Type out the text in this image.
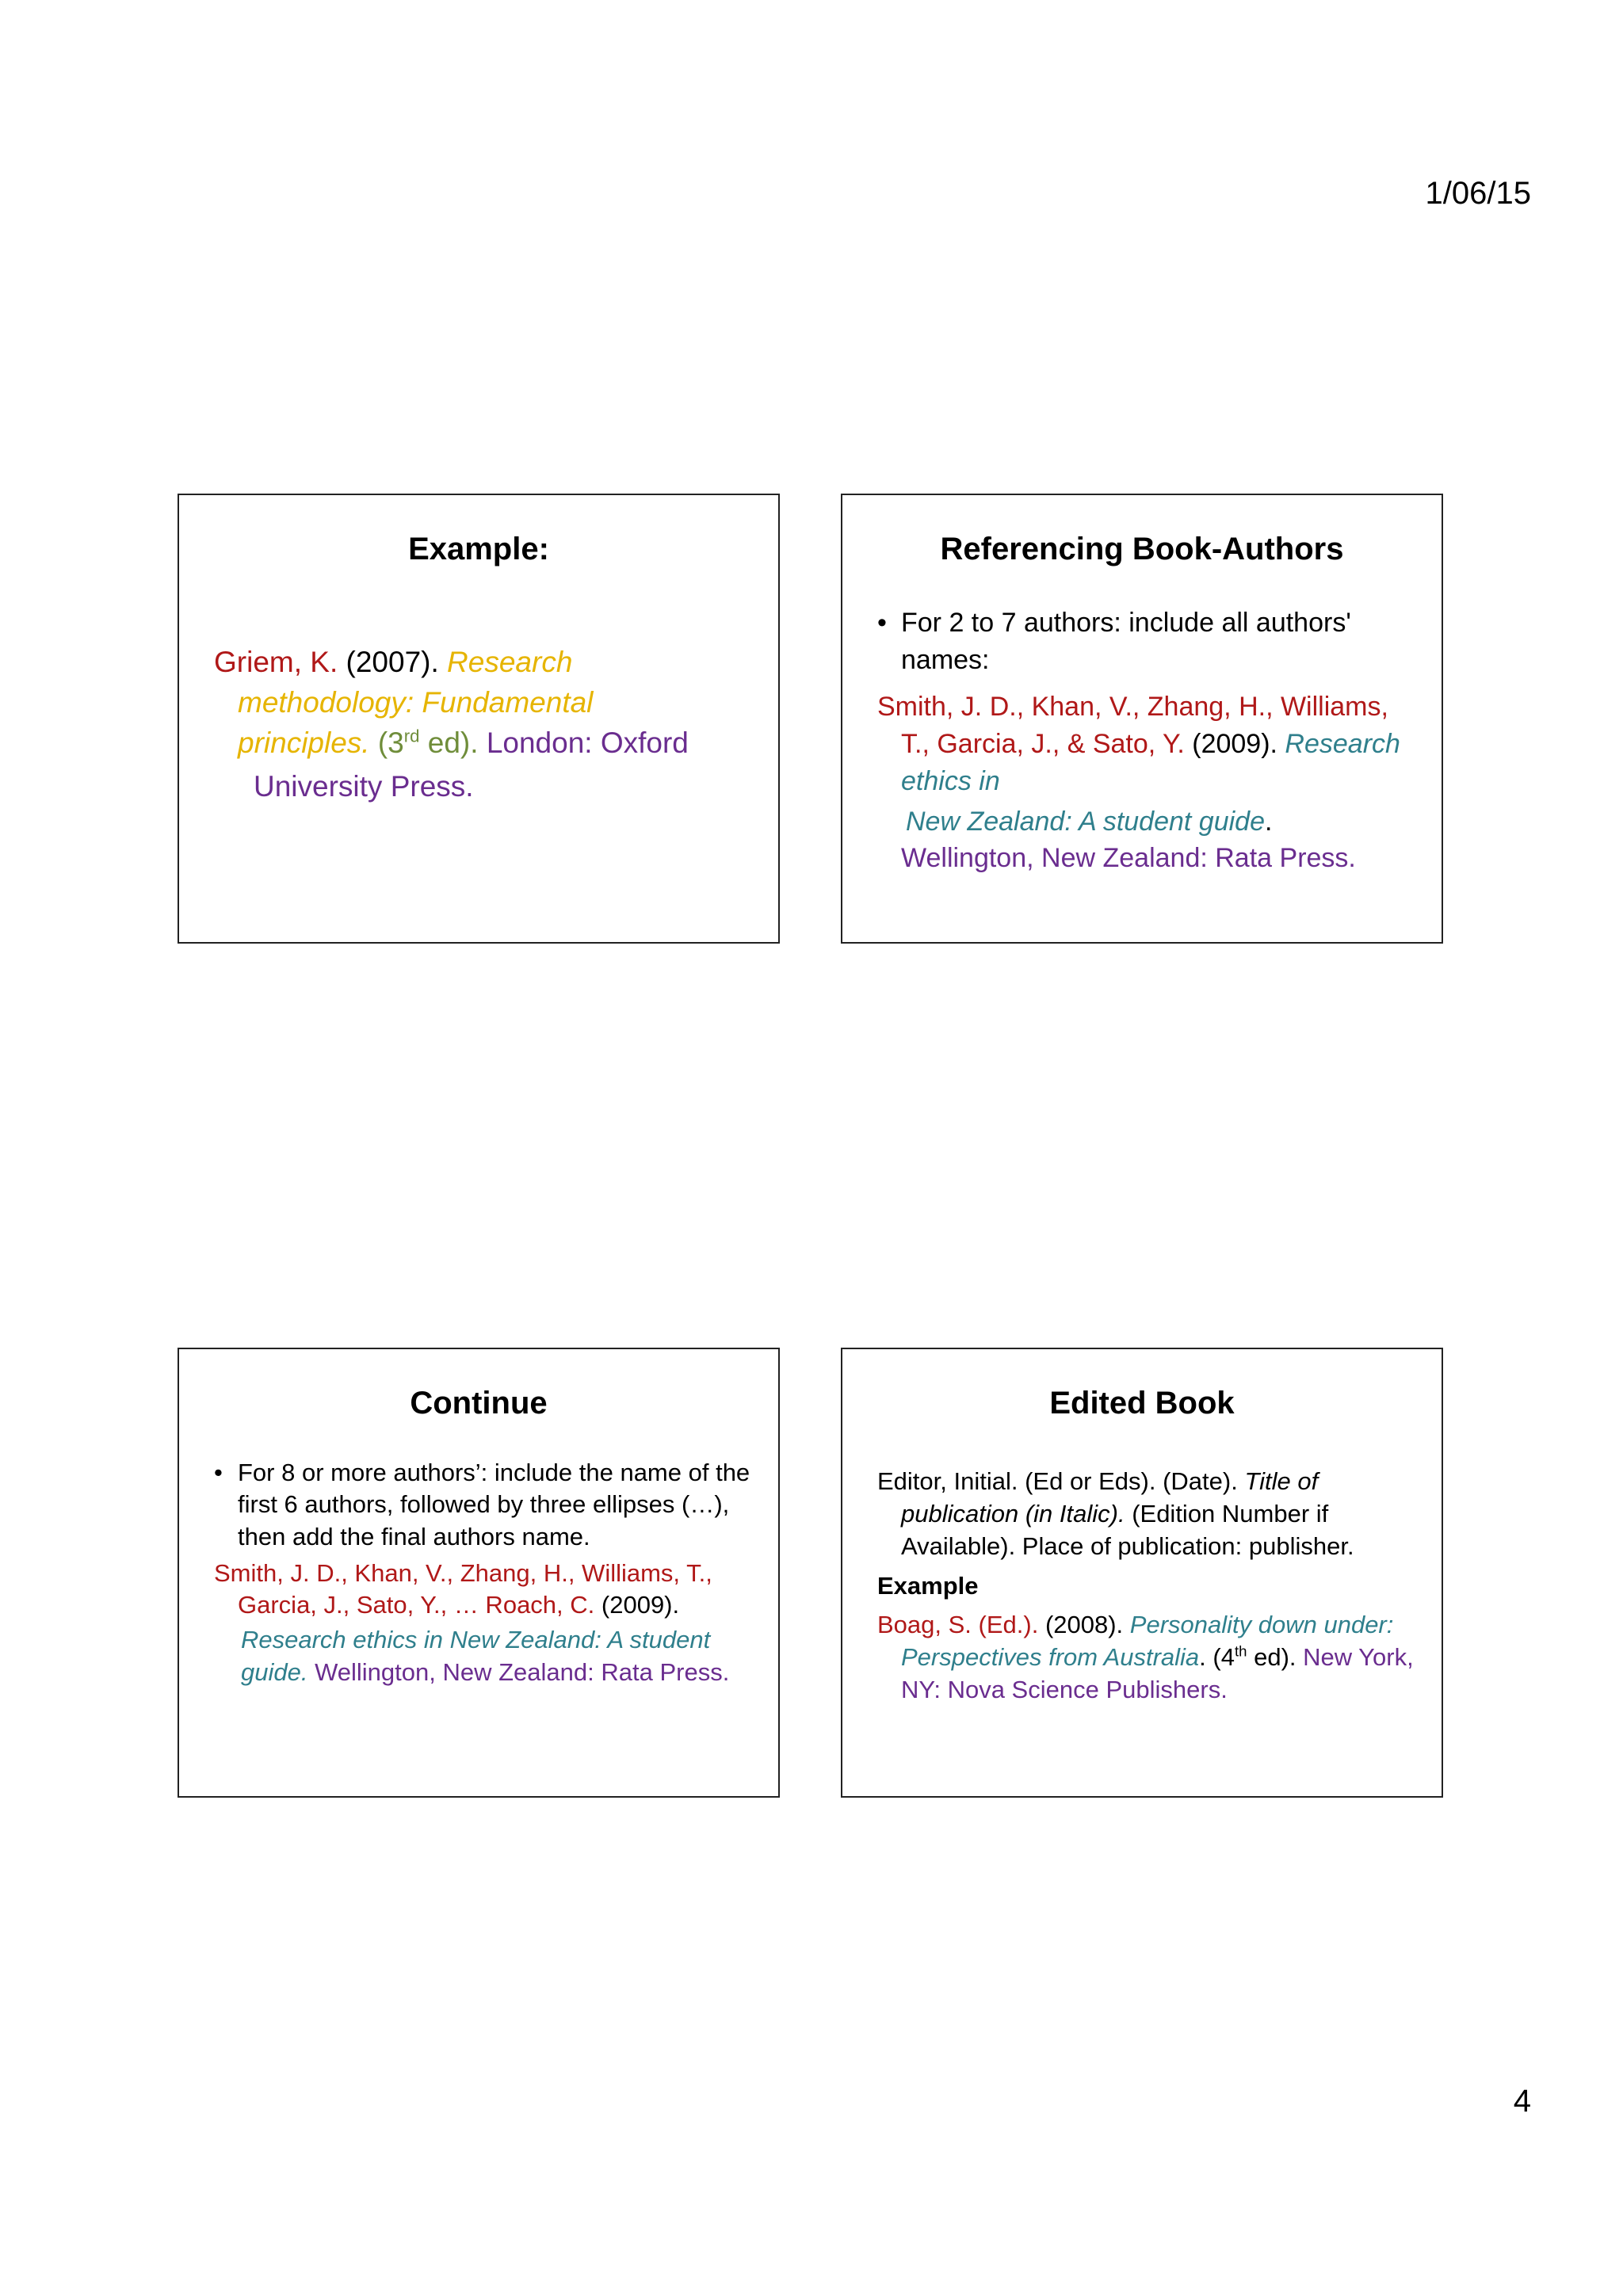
1/06/15
Example:

Griem, K. (2007). Research
methodology: Fundamental
principles. (3rd ed). London: Oxford

University Press.
Referencing Book-Authors

• For 2 to 7 authors: include all authors' names:

Smith, J. D., Khan, V., Zhang, H., Williams, T., Garcia, J., & Sato, Y. (2009). Research ethics in

New Zealand: A student guide.
Wellington, New Zealand: Rata Press.
Continue

• For 8 or more authors’: include the name of the first 6 authors, followed by three ellipses (…), then add the final authors name.

Smith, J. D., Khan, V., Zhang, H., Williams, T., Garcia, J., Sato, Y., … Roach, C. (2009).

Research ethics in New Zealand: A student guide. Wellington, New Zealand: Rata Press.
Edited Book

Editor, Initial. (Ed or Eds). (Date). Title of publication (in Italic). (Edition Number if Available). Place of publication: publisher.

Example

Boag, S. (Ed.). (2008). Personality down under: Perspectives from Australia. (4th ed). New York, NY: Nova Science Publishers.

4
